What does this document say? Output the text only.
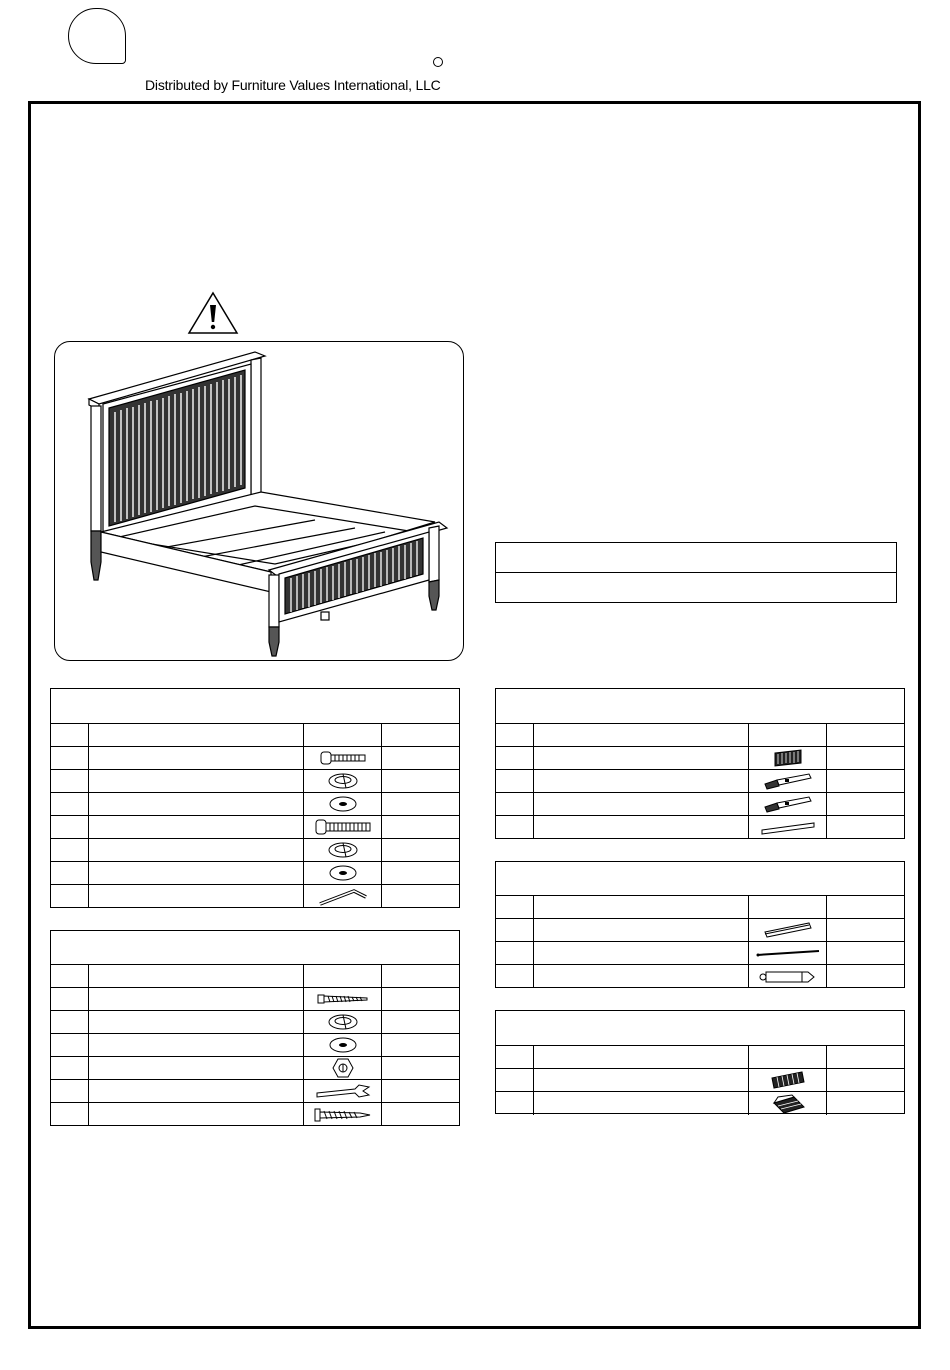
Distributed by Furniture Values International, LLC
